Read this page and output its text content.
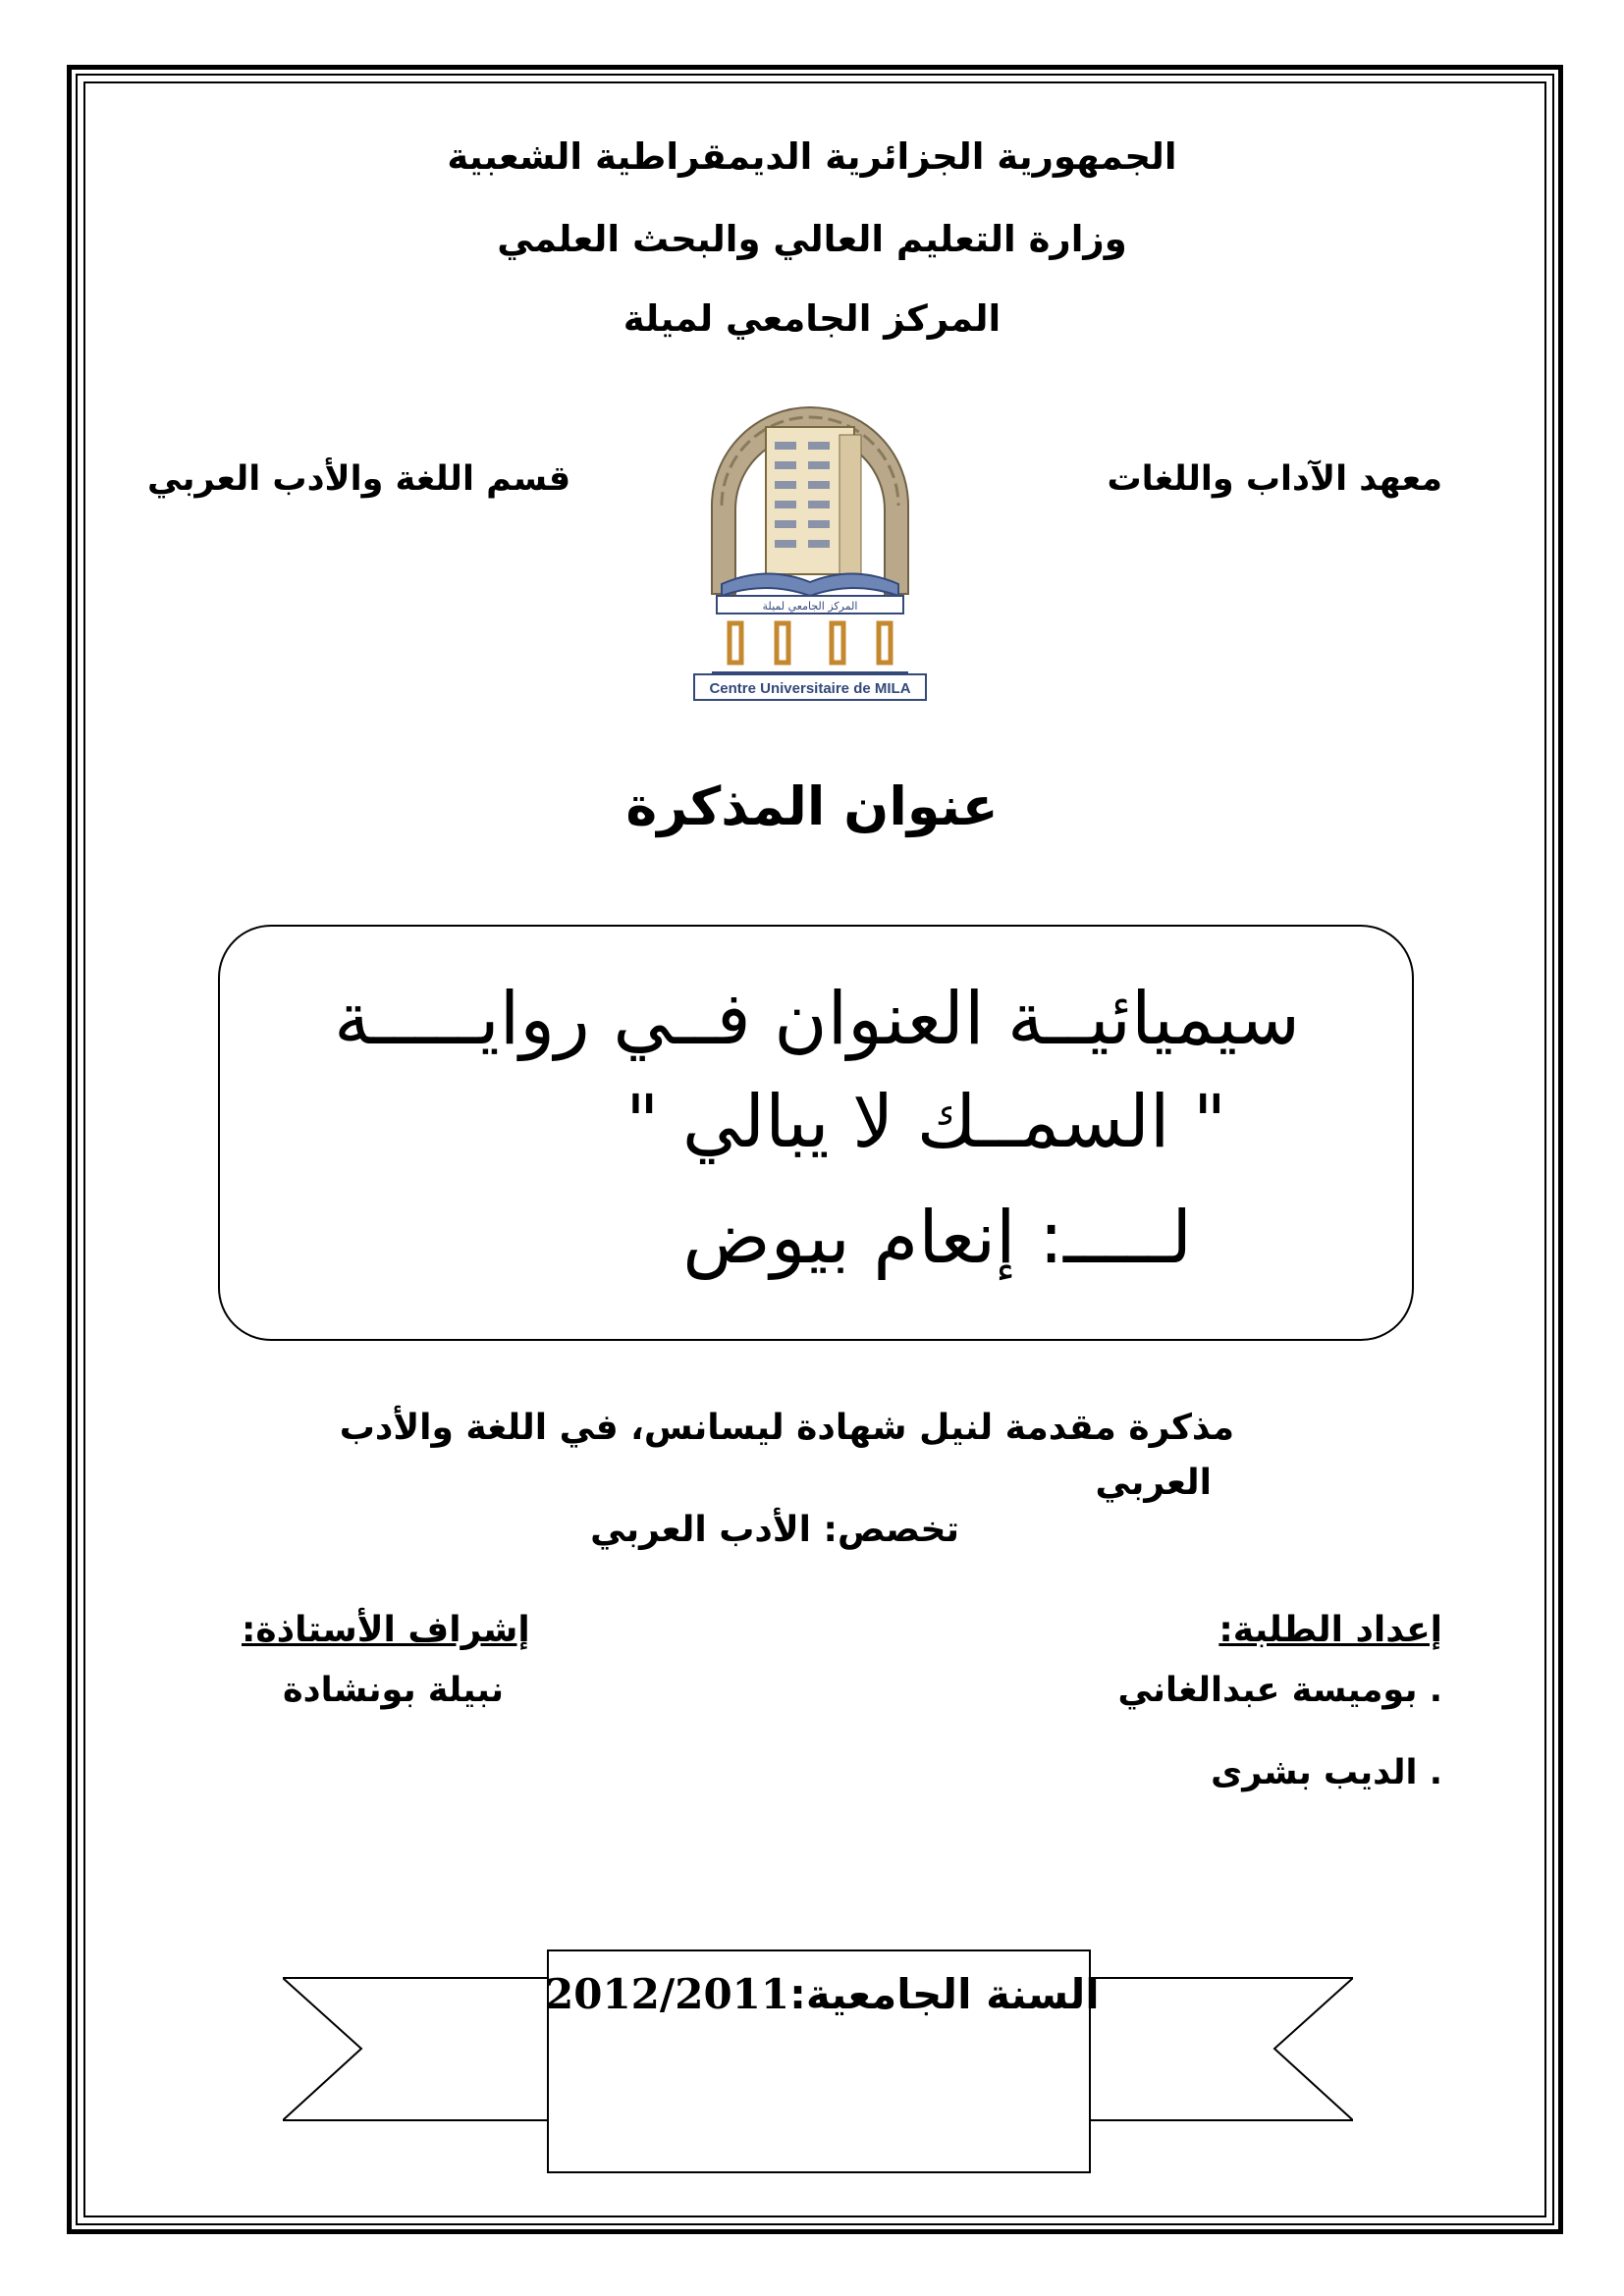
الجمهورية الجزائرية الديمقراطية الشعبية
وزارة التعليم العالي والبحث العلمي
المركز الجامعي لميلة
معهد الآداب واللغات
قسم اللغة والأدب العربي
المركز الجامعي لميلة
Centre Universitaire de MILA
عنوان المذكرة
سيميائيــة العنوان فــي روايـــــة
" السمــك لا يبالي "
لـــــ: إنعام بيوض
مذكرة مقدمة لنيل شهادة ليسانس، في اللغة والأدب
العربي
تخصص: الأدب العربي
إعداد الطلبة:
إشراف الأستاذة:
. بوميسة عبدالغاني
. الديب بشرى
نبيلة بونشادة
2012/2011السنة الجامعية:
